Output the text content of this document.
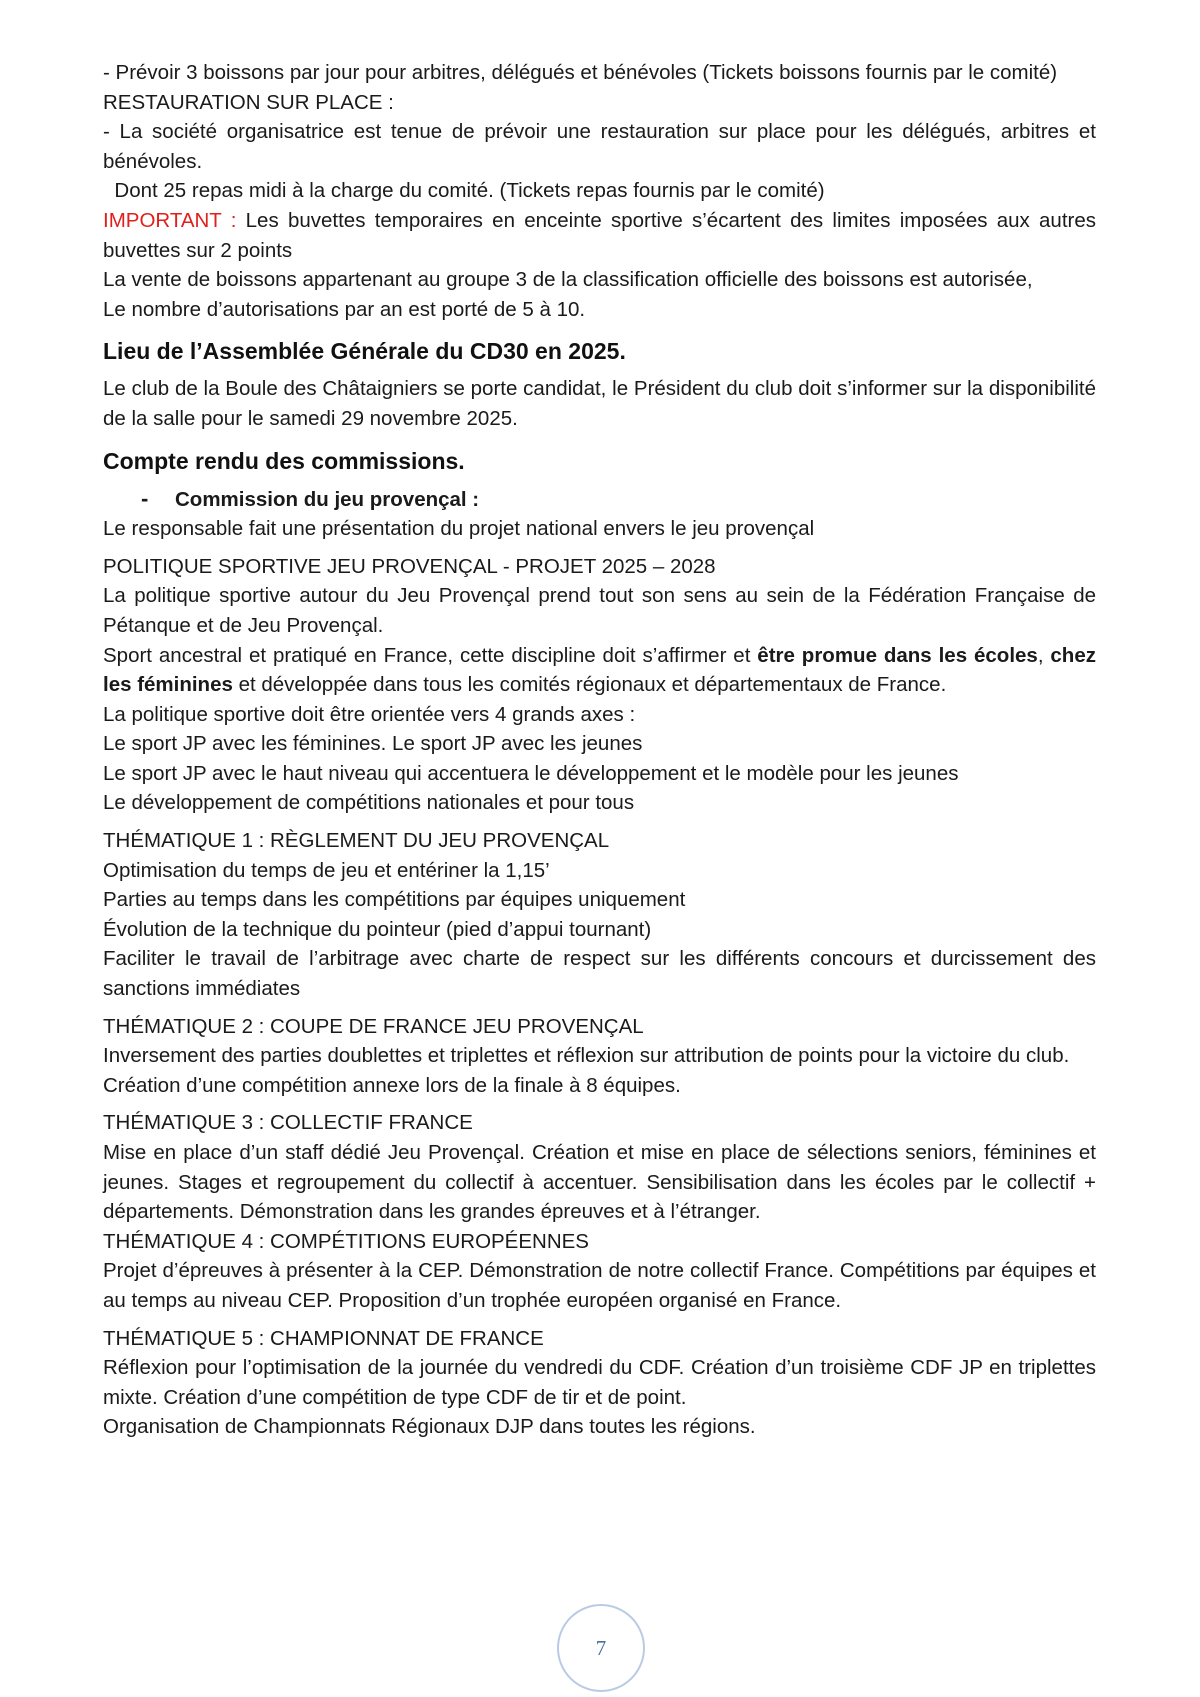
- Prévoir 3 boissons par jour pour arbitres, délégués et bénévoles (Tickets boissons fournis par le comité)

RESTAURATION SUR PLACE :

- La société organisatrice est tenue de prévoir une restauration sur place pour les délégués, arbitres et bénévoles.

Dont 25 repas midi à la charge du comité. (Tickets repas fournis par le comité)

IMPORTANT : Les buvettes temporaires en enceinte sportive s’écartent des limites imposées aux autres buvettes sur 2 points

La vente de boissons appartenant au groupe 3 de la classification officielle des boissons est autorisée,

Le nombre d’autorisations par an est porté de 5 à 10.

Lieu de l’Assemblée Générale du CD30 en 2025.

Le club de la Boule des Châtaigniers se porte candidat, le Président du club doit s’informer sur la disponibilité de la salle pour le samedi 29 novembre 2025.

Compte rendu des commissions.
-	Commission du jeu provençal :

Le responsable fait une présentation du projet national envers le jeu provençal

POLITIQUE SPORTIVE JEU PROVENÇAL - PROJET 2025 – 2028

La politique sportive autour du Jeu Provençal prend tout son sens au sein de la Fédération Française de Pétanque et de Jeu Provençal.

Sport ancestral et pratiqué en France, cette discipline doit s’affirmer et être promue dans les écoles, chez les féminines et développée dans tous les comités régionaux et départementaux de France.

La politique sportive doit être orientée vers 4 grands axes :

Le sport JP avec les féminines. Le sport JP avec les jeunes

Le sport JP avec le haut niveau qui accentuera le développement et le modèle pour les jeunes

Le développement de compétitions nationales et pour tous

THÉMATIQUE 1 : RÈGLEMENT DU JEU PROVENÇAL

Optimisation du temps de jeu et entériner la 1,15’

Parties au temps dans les compétitions par équipes uniquement

Évolution de la technique du pointeur (pied d’appui tournant)

Faciliter le travail de l’arbitrage avec charte de respect sur les différents concours et durcissement des sanctions immédiates

THÉMATIQUE 2 : COUPE DE FRANCE JEU PROVENÇAL

Inversement des parties doublettes et triplettes et réflexion sur attribution de points pour la victoire du club.

Création d’une compétition annexe lors de la finale à 8 équipes.

THÉMATIQUE 3 : COLLECTIF FRANCE

Mise en place d’un staff dédié Jeu Provençal. Création et mise en place de sélections seniors, féminines et jeunes. Stages et regroupement du collectif à accentuer. Sensibilisation dans les écoles par le collectif + départements. Démonstration dans les grandes épreuves et à l’étranger.

THÉMATIQUE 4 : COMPÉTITIONS EUROPÉENNES

Projet d’épreuves à présenter à la CEP. Démonstration de notre collectif France. Compétitions par équipes et au temps au niveau CEP. Proposition d’un trophée européen organisé en France.

THÉMATIQUE 5 : CHAMPIONNAT DE FRANCE

Réflexion pour l’optimisation de la journée du vendredi du CDF. Création d’un troisième CDF JP en triplettes mixte. Création d’une compétition de type CDF de tir et de point.

Organisation de Championnats Régionaux DJP dans toutes les régions.

7
